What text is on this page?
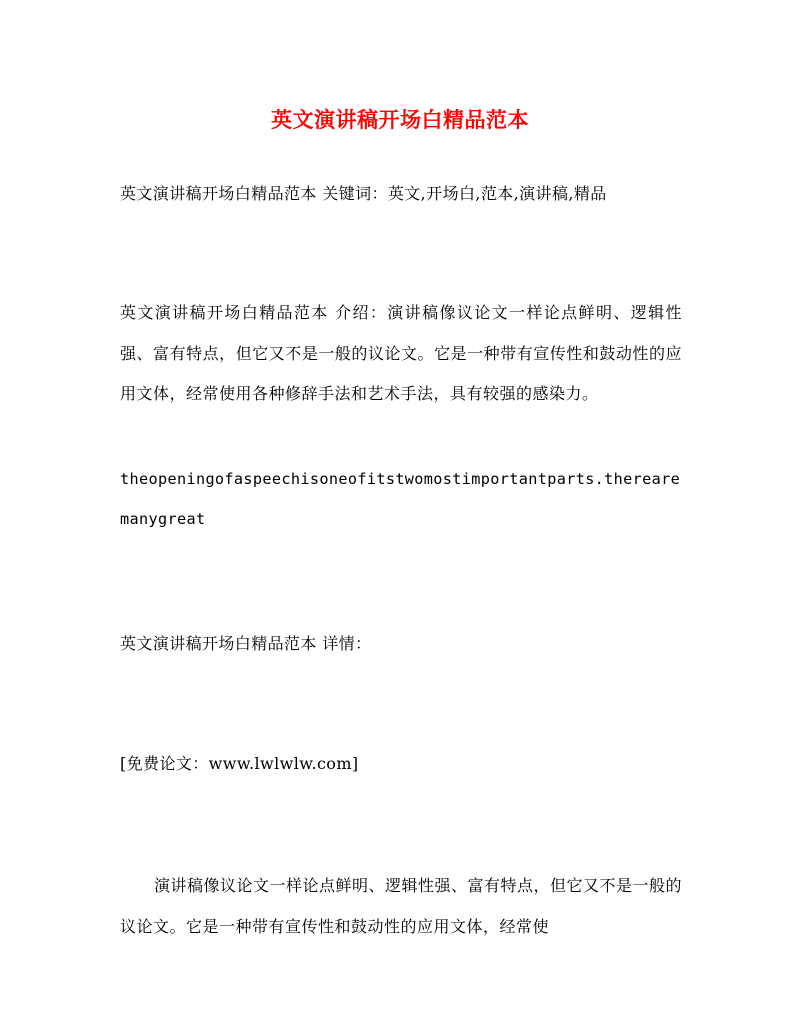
英文演讲稿开场白精品范本
英文演讲稿开场白精品范本 关键词：英文,开场白,范本,演讲稿,精品
英文演讲稿开场白精品范本 介绍：演讲稿像议论文一样论点鲜明、逻辑性强、富有特点，但它又不是一般的议论文。它是一种带有宣传性和鼓动性的应用文体，经常使用各种修辞手法和艺术手法，具有较强的感染力。
theopeningofaspeechisoneofitstwomostimportantparts.therearemanygreat
英文演讲稿开场白精品范本 详情：
[免费论文：www.lwlwlw.com]
演讲稿像议论文一样论点鲜明、逻辑性强、富有特点，但它又不是一般的议论文。它是一种带有宣传性和鼓动性的应用文体，经常使
